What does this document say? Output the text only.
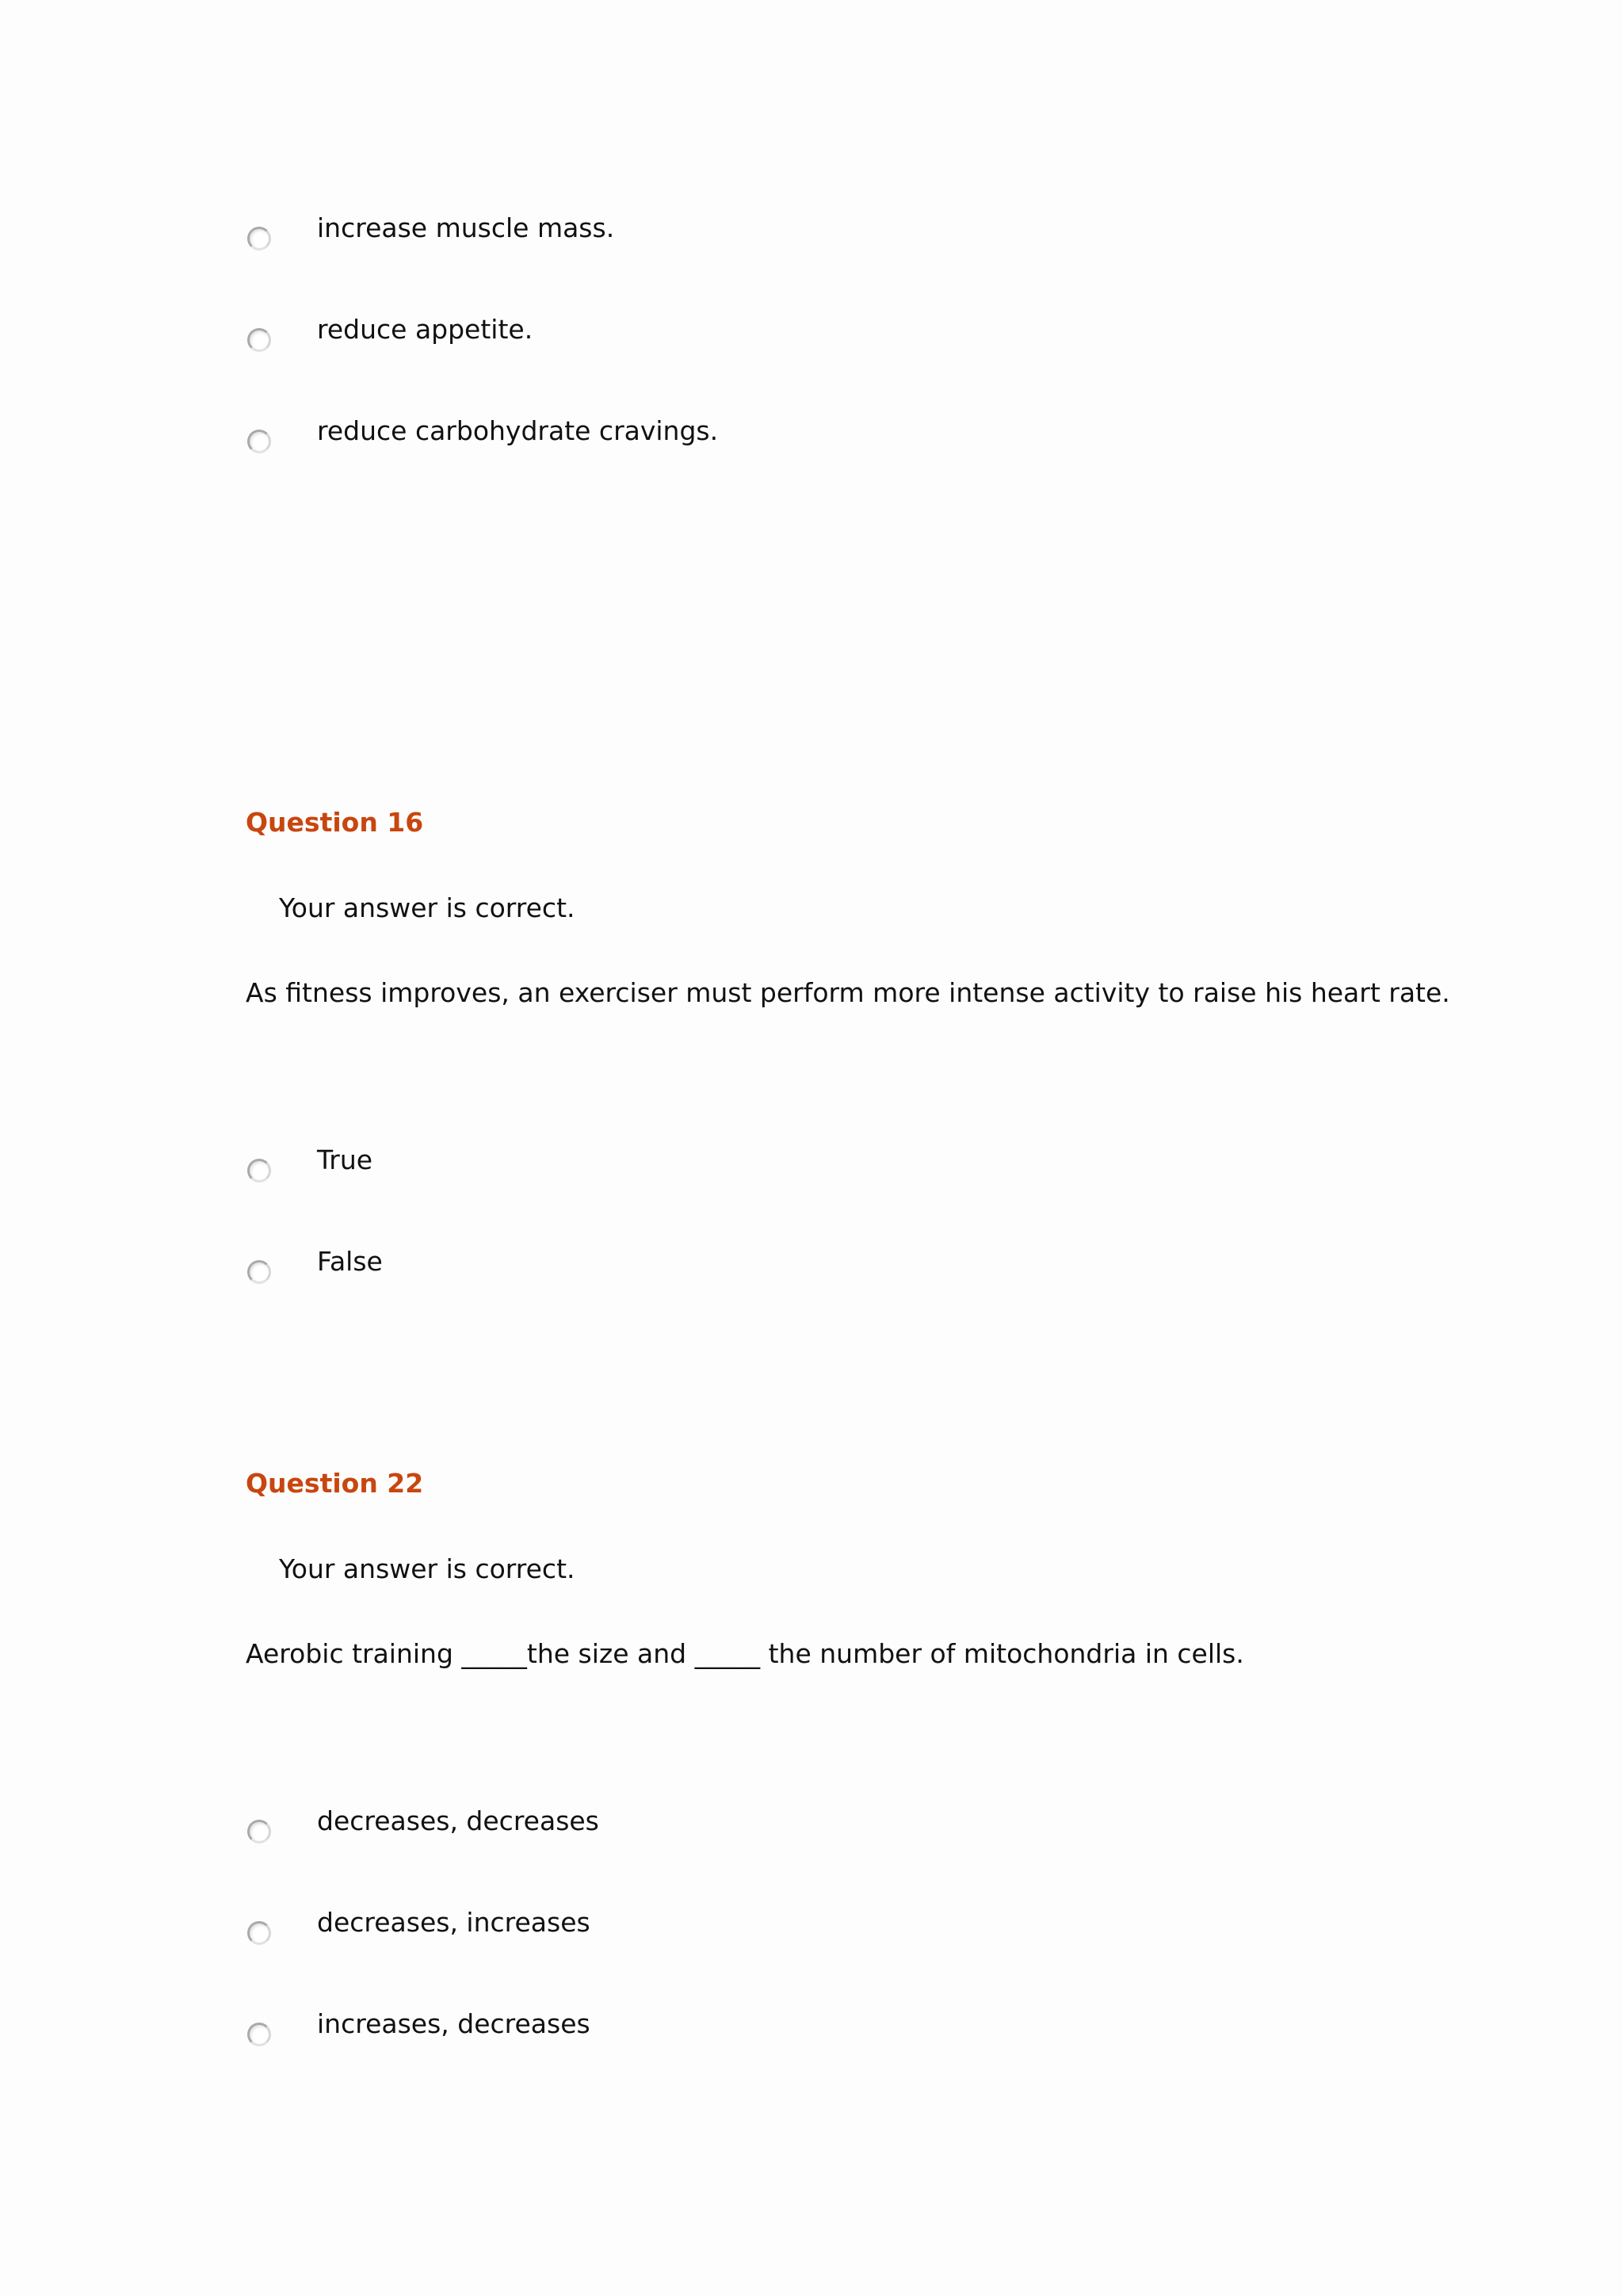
increase muscle mass.
reduce appetite.
reduce carbohydrate cravings.
Question 16
Your answer is correct.
As fitness improves, an exerciser must perform more intense activity to raise his heart rate.
True
False
Question 22
Your answer is correct.
Aerobic training _____the size and _____ the number of mitochondria in cells.
decreases, decreases
decreases, increases
increases, decreases
